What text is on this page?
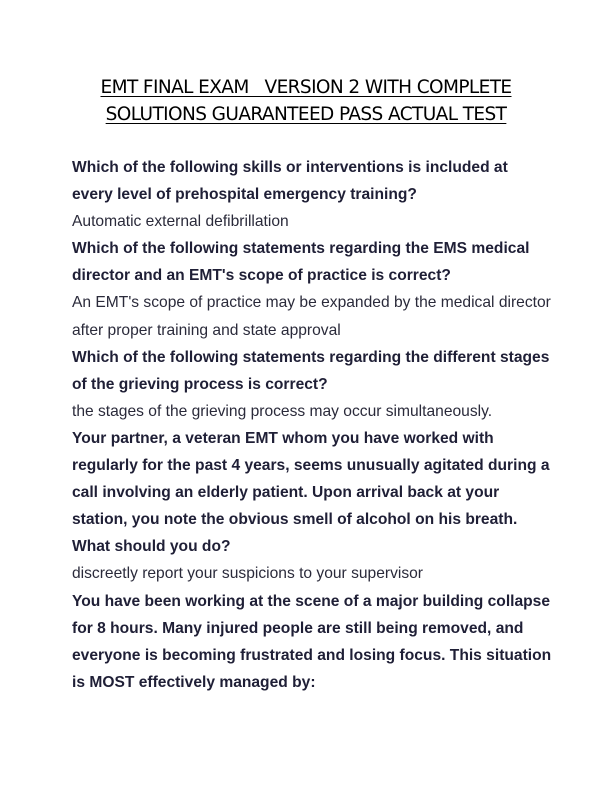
EMT FINAL EXAM   VERSION 2 WITH COMPLETE
SOLUTIONS GUARANTEED PASS ACTUAL TEST

Which of the following skills or interventions is included at every level of prehospital emergency training?

Automatic external defibrillation

Which of the following statements regarding the EMS medical director and an EMT's scope of practice is correct?

An EMT's scope of practice may be expanded by the medical director after proper training and state approval

Which of the following statements regarding the different stages of the grieving process is correct?

the stages of the grieving process may occur simultaneously.

Your partner, a veteran EMT whom you have worked with regularly for the past 4 years, seems unusually agitated during a call involving an elderly patient. Upon arrival back at your station, you note the obvious smell of alcohol on his breath. What should you do?

discreetly report your suspicions to your supervisor

You have been working at the scene of a major building collapse for 8 hours. Many injured people are still being removed, and everyone is becoming frustrated and losing focus. This situation is MOST effectively managed by:
